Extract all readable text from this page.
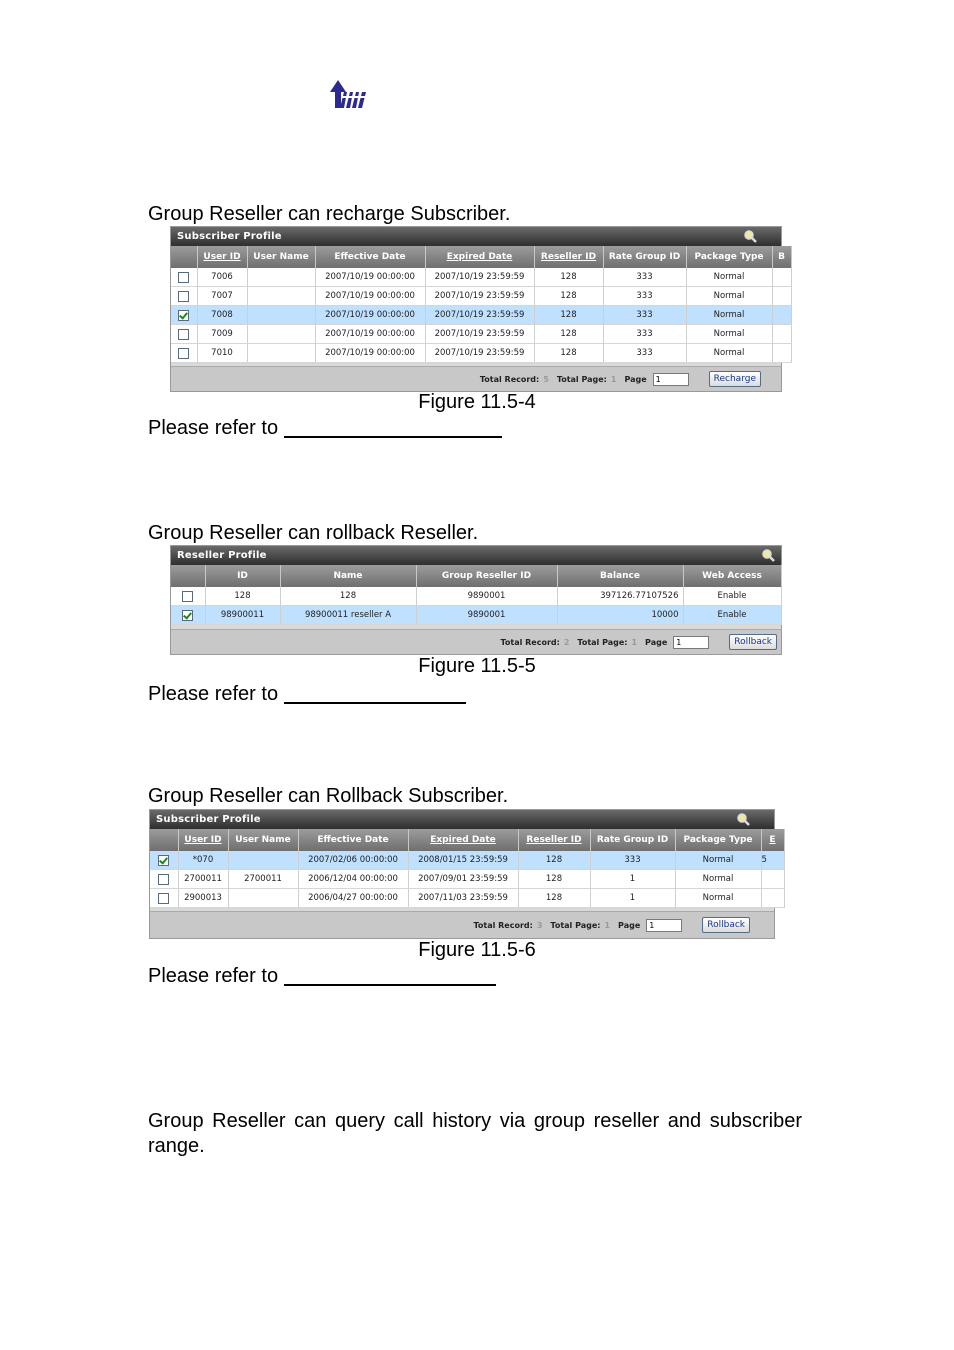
Group Reseller can recharge Subscriber.
Subscriber Profile
	User ID	User Name	Effective Date	Expired Date	Reseller ID	Rate Group ID	Package Type	B
	7006		2007/10/19 00:00:00	2007/10/19 23:59:59	128	333	Normal	
	7007		2007/10/19 00:00:00	2007/10/19 23:59:59	128	333	Normal	
	7008		2007/10/19 00:00:00	2007/10/19 23:59:59	128	333	Normal	
	7009		2007/10/19 00:00:00	2007/10/19 23:59:59	128	333	Normal	
	7010		2007/10/19 00:00:00	2007/10/19 23:59:59	128	333	Normal	
Total Record: 5 Total Page: 1 Page
1	Recharge
Figure 11.5-4
Please refer to
Group Reseller can rollback Reseller.
Reseller Profile
	ID	Name	Group Reseller ID	Balance	Web Access
	128	128	9890001	397126.77107526	Enable
	98900011	98900011 reseller A	9890001	10000	Enable
Total Record: 2 Total Page: 1 Page
1	Rollback
Figure 11.5-5
Please refer to
Group Reseller can Rollback Subscriber.
Subscriber Profile
	User ID	User Name	Effective Date	Expired Date	Reseller ID	Rate Group ID	Package Type	E
	*070		2007/02/06 00:00:00	2008/01/15 23:59:59	128	333	Normal	5
	2700011	2700011	2006/12/04 00:00:00	2007/09/01 23:59:59	128	1	Normal	
	2900013		2006/04/27 00:00:00	2007/11/03 23:59:59	128	1	Normal	
Total Record: 3 Total Page: 1 Page
1	Rollback
Figure 11.5-6
Please refer to
Group Reseller can query call history via group reseller and subscriber range.
